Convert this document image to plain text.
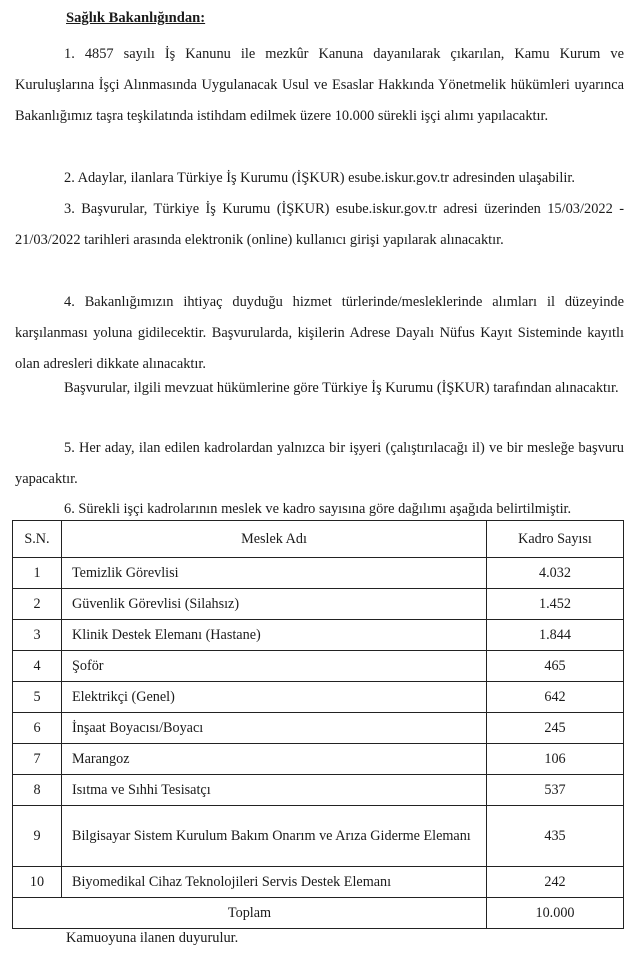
Sağlık Bakanlığından:

1. 4857 sayılı İş Kanunu ile mezkûr Kanuna dayanılarak çıkarılan, Kamu Kurum ve Kuruluşlarına İşçi Alınmasında Uygulanacak Usul ve Esaslar Hakkında Yönetmelik hükümleri uyarınca Bakanlığımız taşra teşkilatında istihdam edilmek üzere 10.000 sürekli işçi alımı yapılacaktır.

2. Adaylar, ilanlara Türkiye İş Kurumu (İŞKUR) esube.iskur.gov.tr adresinden ulaşabilir.

3. Başvurular, Türkiye İş Kurumu (İŞKUR) esube.iskur.gov.tr adresi üzerinden 15/03/2022 - 21/03/2022 tarihleri arasında elektronik (online) kullanıcı girişi yapılarak alınacaktır.

4. Bakanlığımızın ihtiyaç duyduğu hizmet türlerinde/mesleklerinde alımları il düzeyinde karşılanması yoluna gidilecektir. Başvurularda, kişilerin Adrese Dayalı Nüfus Kayıt Sisteminde kayıtlı olan adresleri dikkate alınacaktır.

Başvurular, ilgili mevzuat hükümlerine göre Türkiye İş Kurumu (İŞKUR) tarafından alınacaktır.

5. Her aday, ilan edilen kadrolardan yalnızca bir işyeri (çalıştırılacağı il) ve bir mesleğe başvuru yapacaktır.

6. Sürekli işçi kadrolarının meslek ve kadro sayısına göre dağılımı aşağıda belirtilmiştir.

S.N.	Meslek Adı	Kadro Sayısı
1	Temizlik Görevlisi	4.032
2	Güvenlik Görevlisi (Silahsız)	1.452
3	Klinik Destek Elemanı (Hastane)	1.844
4	Şoför	465
5	Elektrikçi (Genel)	642
6	İnşaat Boyacısı/Boyacı	245
7	Marangoz	106
8	Isıtma ve Sıhhi Tesisatçı	537
9	Bilgisayar Sistem Kurulum Bakım Onarım ve Arıza Giderme Elemanı	435
10	Biyomedikal Cihaz Teknolojileri Servis Destek Elemanı	242
Toplam		10.000

Kamuoyuna ilanen duyurulur.
